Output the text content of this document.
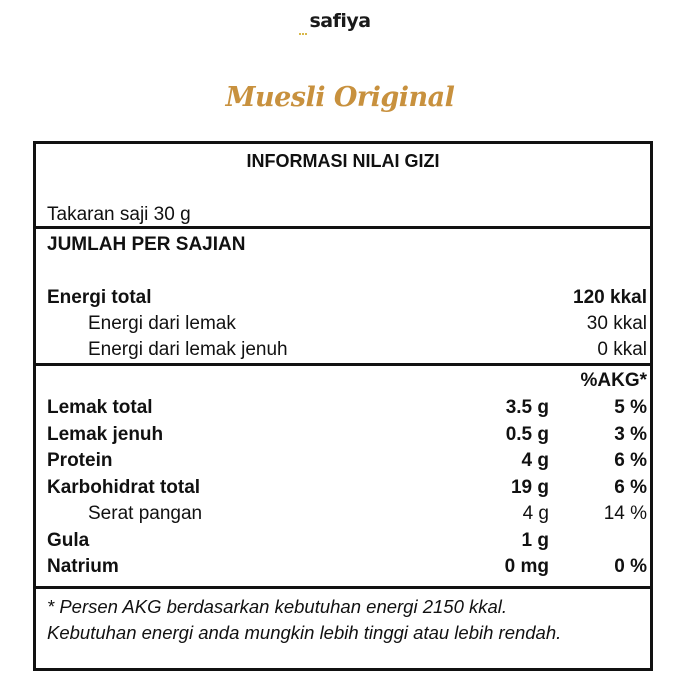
safiya
Muesli Original
INFORMASI NILAI GIZI
Takaran saji 30 g
JUMLAH PER SAJIAN
Energi total	120 kkal
Energi dari lemak	30 kkal
Energi dari lemak jenuh	0 kkal
%AKG*
Lemak total	3.5 g	5 %
Lemak jenuh	0.5 g	3 %
Protein	4 g	6 %
Karbohidrat total	19 g	6 %
Serat pangan	4 g	14 %
Gula	1 g
Natrium	0 mg	0 %
* Persen AKG berdasarkan kebutuhan energi 2150 kkal.
Kebutuhan energi anda mungkin lebih tinggi atau lebih rendah.
